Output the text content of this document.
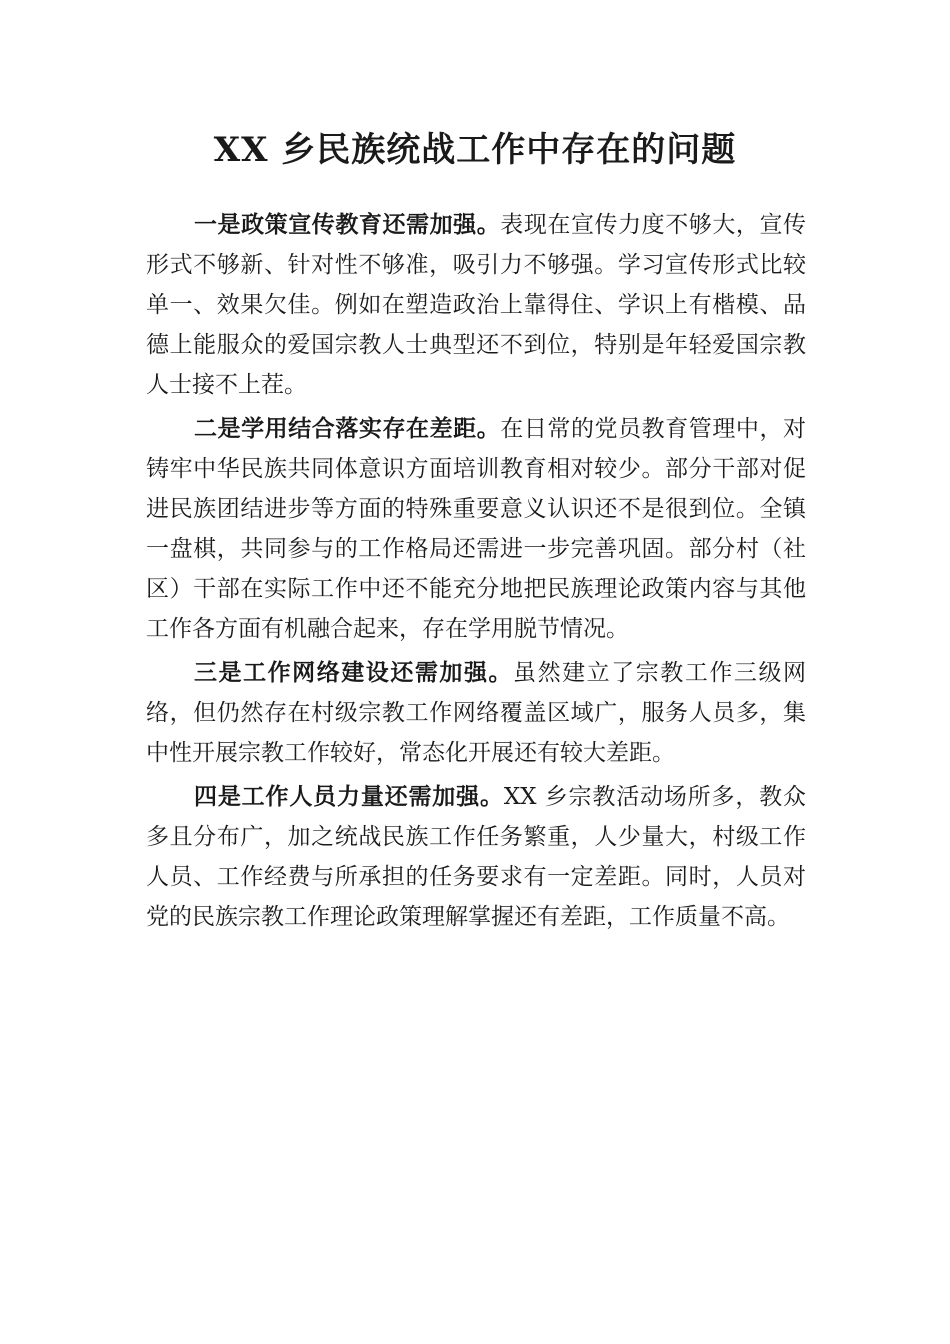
XX 乡民族统战工作中存在的问题

一是政策宣传教育还需加强。表现在宣传力度不够大，宣传形式不够新、针对性不够准，吸引力不够强。学习宣传形式比较单一、效果欠佳。例如在塑造政治上靠得住、学识上有楷模、品德上能服众的爱国宗教人士典型还不到位，特别是年轻爱国宗教人士接不上茬。

二是学用结合落实存在差距。在日常的党员教育管理中，对铸牢中华民族共同体意识方面培训教育相对较少。部分干部对促进民族团结进步等方面的特殊重要意义认识还不是很到位。全镇一盘棋，共同参与的工作格局还需进一步完善巩固。部分村（社区）干部在实际工作中还不能充分地把民族理论政策内容与其他工作各方面有机融合起来，存在学用脱节情况。

三是工作网络建设还需加强。虽然建立了宗教工作三级网络，但仍然存在村级宗教工作网络覆盖区域广，服务人员多，集中性开展宗教工作较好，常态化开展还有较大差距。

四是工作人员力量还需加强。XX 乡宗教活动场所多，教众多且分布广，加之统战民族工作任务繁重，人少量大，村级工作人员、工作经费与所承担的任务要求有一定差距。同时，人员对党的民族宗教工作理论政策理解掌握还有差距，工作质量不高。
